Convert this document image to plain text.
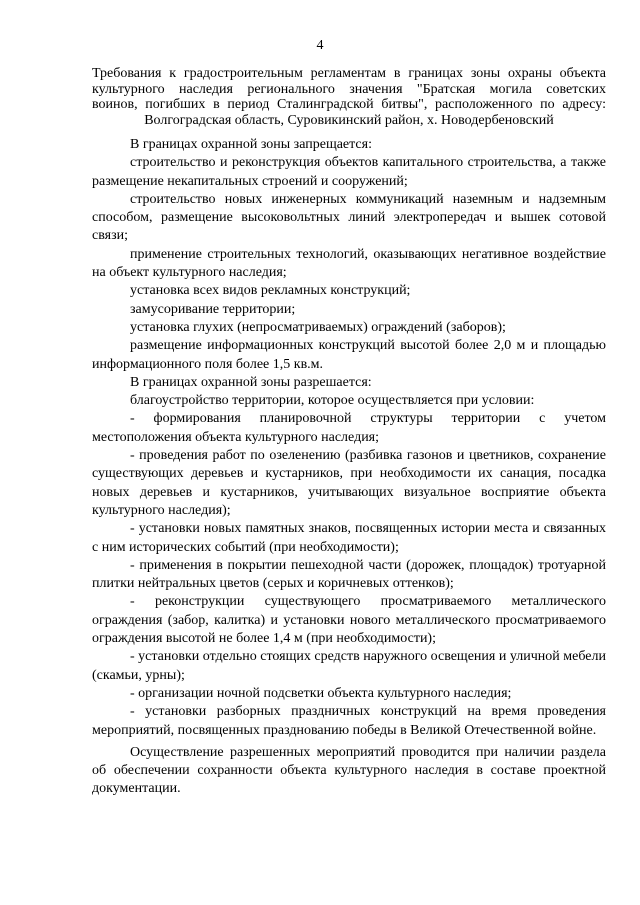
4
Требования к градостроительным регламентам в границах зоны охраны объекта
культурного наследия регионального значения "Братская могила советских
воинов, погибших в период Сталинградской битвы", расположенного по адресу:
Волгоградская область, Суровикинский район, х. Новодербеновский

В границах охранной зоны запрещается:

строительство и реконструкция объектов капитального строительства, а также размещение некапитальных строений и сооружений;

строительство новых инженерных коммуникаций наземным и надземным способом, размещение высоковольтных линий электропередач и вышек сотовой связи;

применение строительных технологий, оказывающих негативное воздействие на объект культурного наследия;

установка всех видов рекламных конструкций;

замусоривание территории;

установка глухих (непросматриваемых) ограждений (заборов);

размещение информационных конструкций высотой более 2,0 м и площадью информационного поля более 1,5 кв.м.

В границах охранной зоны разрешается:

благоустройство территории, которое осуществляется при условии:

- формирования планировочной структуры территории с учетом местоположения объекта культурного наследия;

- проведения работ по озеленению (разбивка газонов и цветников, сохранение существующих деревьев и кустарников, при необходимости их санация, посадка новых деревьев и кустарников, учитывающих визуальное восприятие объекта культурного наследия);

- установки новых памятных знаков, посвященных истории места и связанных с ним исторических событий (при необходимости);

- применения в покрытии пешеходной части (дорожек, площадок) тротуарной плитки нейтральных цветов (серых и коричневых оттенков);

- реконструкции существующего просматриваемого металлического ограждения (забор, калитка) и установки нового металлического просматриваемого ограждения высотой не более 1,4 м (при необходимости);

- установки отдельно стоящих средств наружного освещения и уличной мебели (скамьи, урны);

- организации ночной подсветки объекта культурного наследия;

- установки разборных праздничных конструкций на время проведения мероприятий, посвященных празднованию победы в Великой Отечественной войне.

Осуществление разрешенных мероприятий проводится при наличии раздела об обеспечении сохранности объекта культурного наследия в составе проектной документации.
